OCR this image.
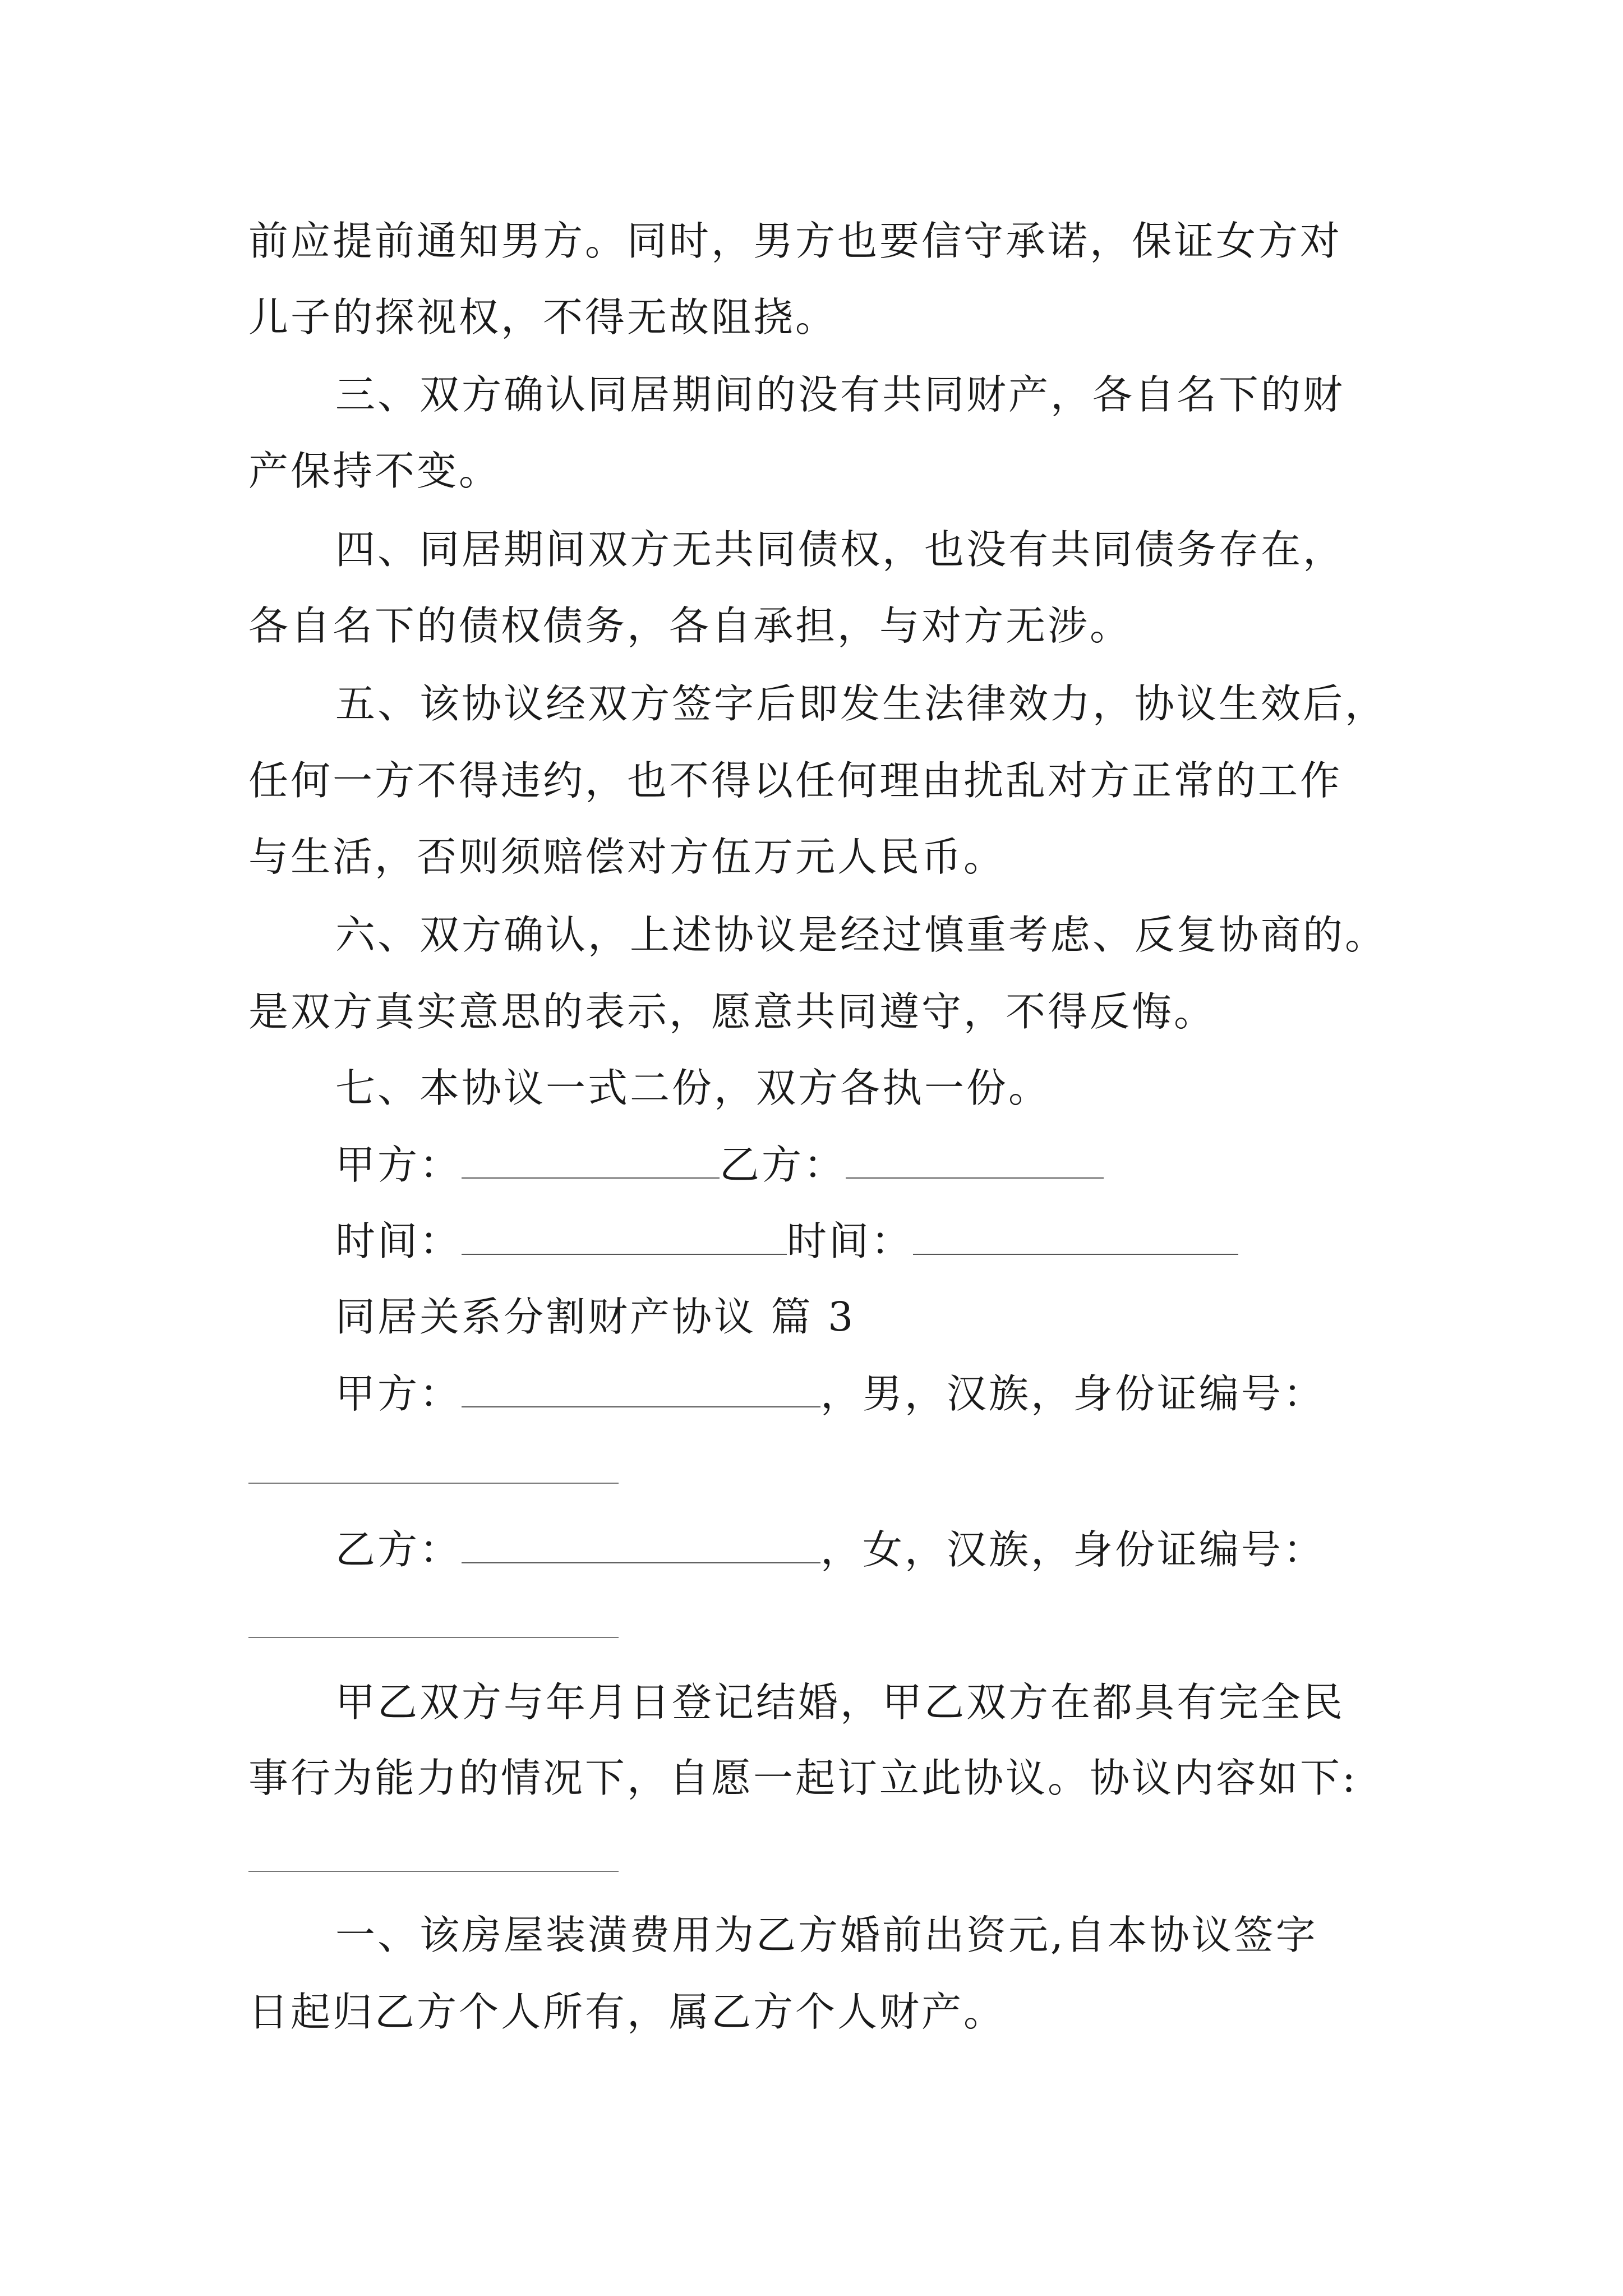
前应提前通知男方。同时，男方也要信守承诺，保证女方对
儿子的探视权，不得无故阻挠。
三、双方确认同居期间的没有共同财产，各自名下的财
产保持不变。
四、同居期间双方无共同债权，也没有共同债务存在，
各自名下的债权债务，各自承担，与对方无涉。
五、该协议经双方签字后即发生法律效力，协议生效后，
任何一方不得违约，也不得以任何理由扰乱对方正常的工作
与生活，否则须赔偿对方伍万元人民币。
六、双方确认，上述协议是经过慎重考虑、反复协商的。
是双方真实意思的表示，愿意共同遵守，不得反悔。
七、本协议一式二份，双方各执一份。
甲方：	乙方：
时间：	时间：
同居关系分割财产协议 篇 3
甲方：	，男，汉族，身份证编号：
乙方：	，女，汉族，身份证编号：
甲乙双方与年月日登记结婚，甲乙双方在都具有完全民
事行为能力的情况下，自愿一起订立此协议。协议内容如下:
一、该房屋装潢费用为乙方婚前出资元,自本协议签字
日起归乙方个人所有，属乙方个人财产。
